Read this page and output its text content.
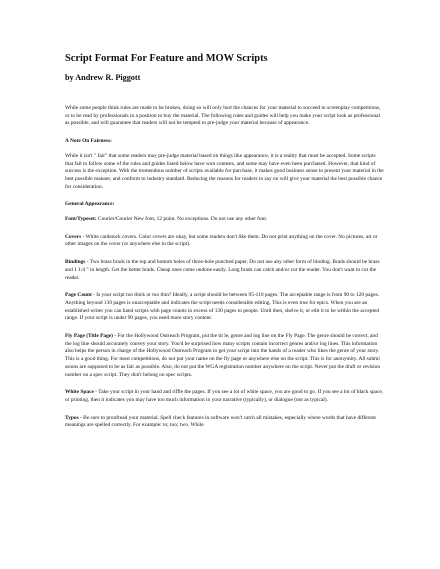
Script Format For Feature and MOW Scripts
by Andrew R. Piggott

While some people think rules are made to be broken, doing so will only hurt the chances for your material to succeed in screenplay competitions, or to be read by professionals in a position to buy the material. The following rules and guides will help you make your script look as professional as possible, and will guarantee that readers will not be tempted to pre-judge your material because of appearance.

A Note On Fairness:

While it isn't " fair" that some readers may pre-judge material based on things like appearance, it is a reality that must be accepted. Some scripts that fail to follow some of the rules and guides listed below have won contests, and some may have even been purchased. However, that kind of success is the exception. With the tremendous number of scripts available for purchase, it makes good business sense to present your material in the best possible manner, and conform to industry standard. Reducing the reasons for readers to say no will give your material the best possible chance for consideration.

General Appearance:

Font/Typeset: Courier/Courier New font, 12 point. No exceptions. Do not use any other font.

Covers - White cardstock covers. Color covers are okay, but some readers don't like them. Do not print anything on the cover. No pictures, art or other images on the cover (or anywhere else in the script).

Bindings - Two brass brads in the top and bottom holes of three-hole punched paper. Do not use any other form of binding. Brads should be brass and 1 1/4 " in length. Get the better brads. Cheap ones come undone easily. Long brads can catch and/or cut the reader. You don't want to cut the reader.

Page Count - Is your script too thick or too thin? Ideally, a script should be between 95-110 pages. The acceptable range is from 90 to 120 pages. Anything beyond 130 pages is unacceptable and indicates the script needs considerable editing. This is even true for epics. When you are an established writer you can hand scripts with page counts in excess of 130 pages to people. Until then, shelve it, or edit it to be within the accepted range. If your script is under 90 pages, you need more story content.

Fly Page (Title Page) - For the Hollywood Outreach Program, put the tit le, genre and log line on the Fly Page. The genre should be correct, and the log line should accurately convey your story. You'd be surprised how many scripts contain incorrect genres and/or log lines. This information also helps the person in charge of the Hollywood Outreach Program to get your script into the hands of a reader who likes the genre of your story. This is a good thing. For most competitions, do not put your name on the fly page or anywhere else on the script. This is for anonymity. All submi ssions are supposed to be as fair as possible. Also, do not put the WGA registration number anywhere on the script. Never put the draft or revision number on a spec script. They don't belong on spec scripts.

White Space - Take your script in your hand and riffle the pages. If you see a lot of white space, you are good to go. If you see a lot of black space, or printing, then it indicates you may have too much information in your narrative (typically), or dialogue (not as typical).

Typos - Be sure to proofread your material. Spell check features in software won't catch all mistakes, especially where words that have different meanings are spelled correctly. For example: to; too; two. While
